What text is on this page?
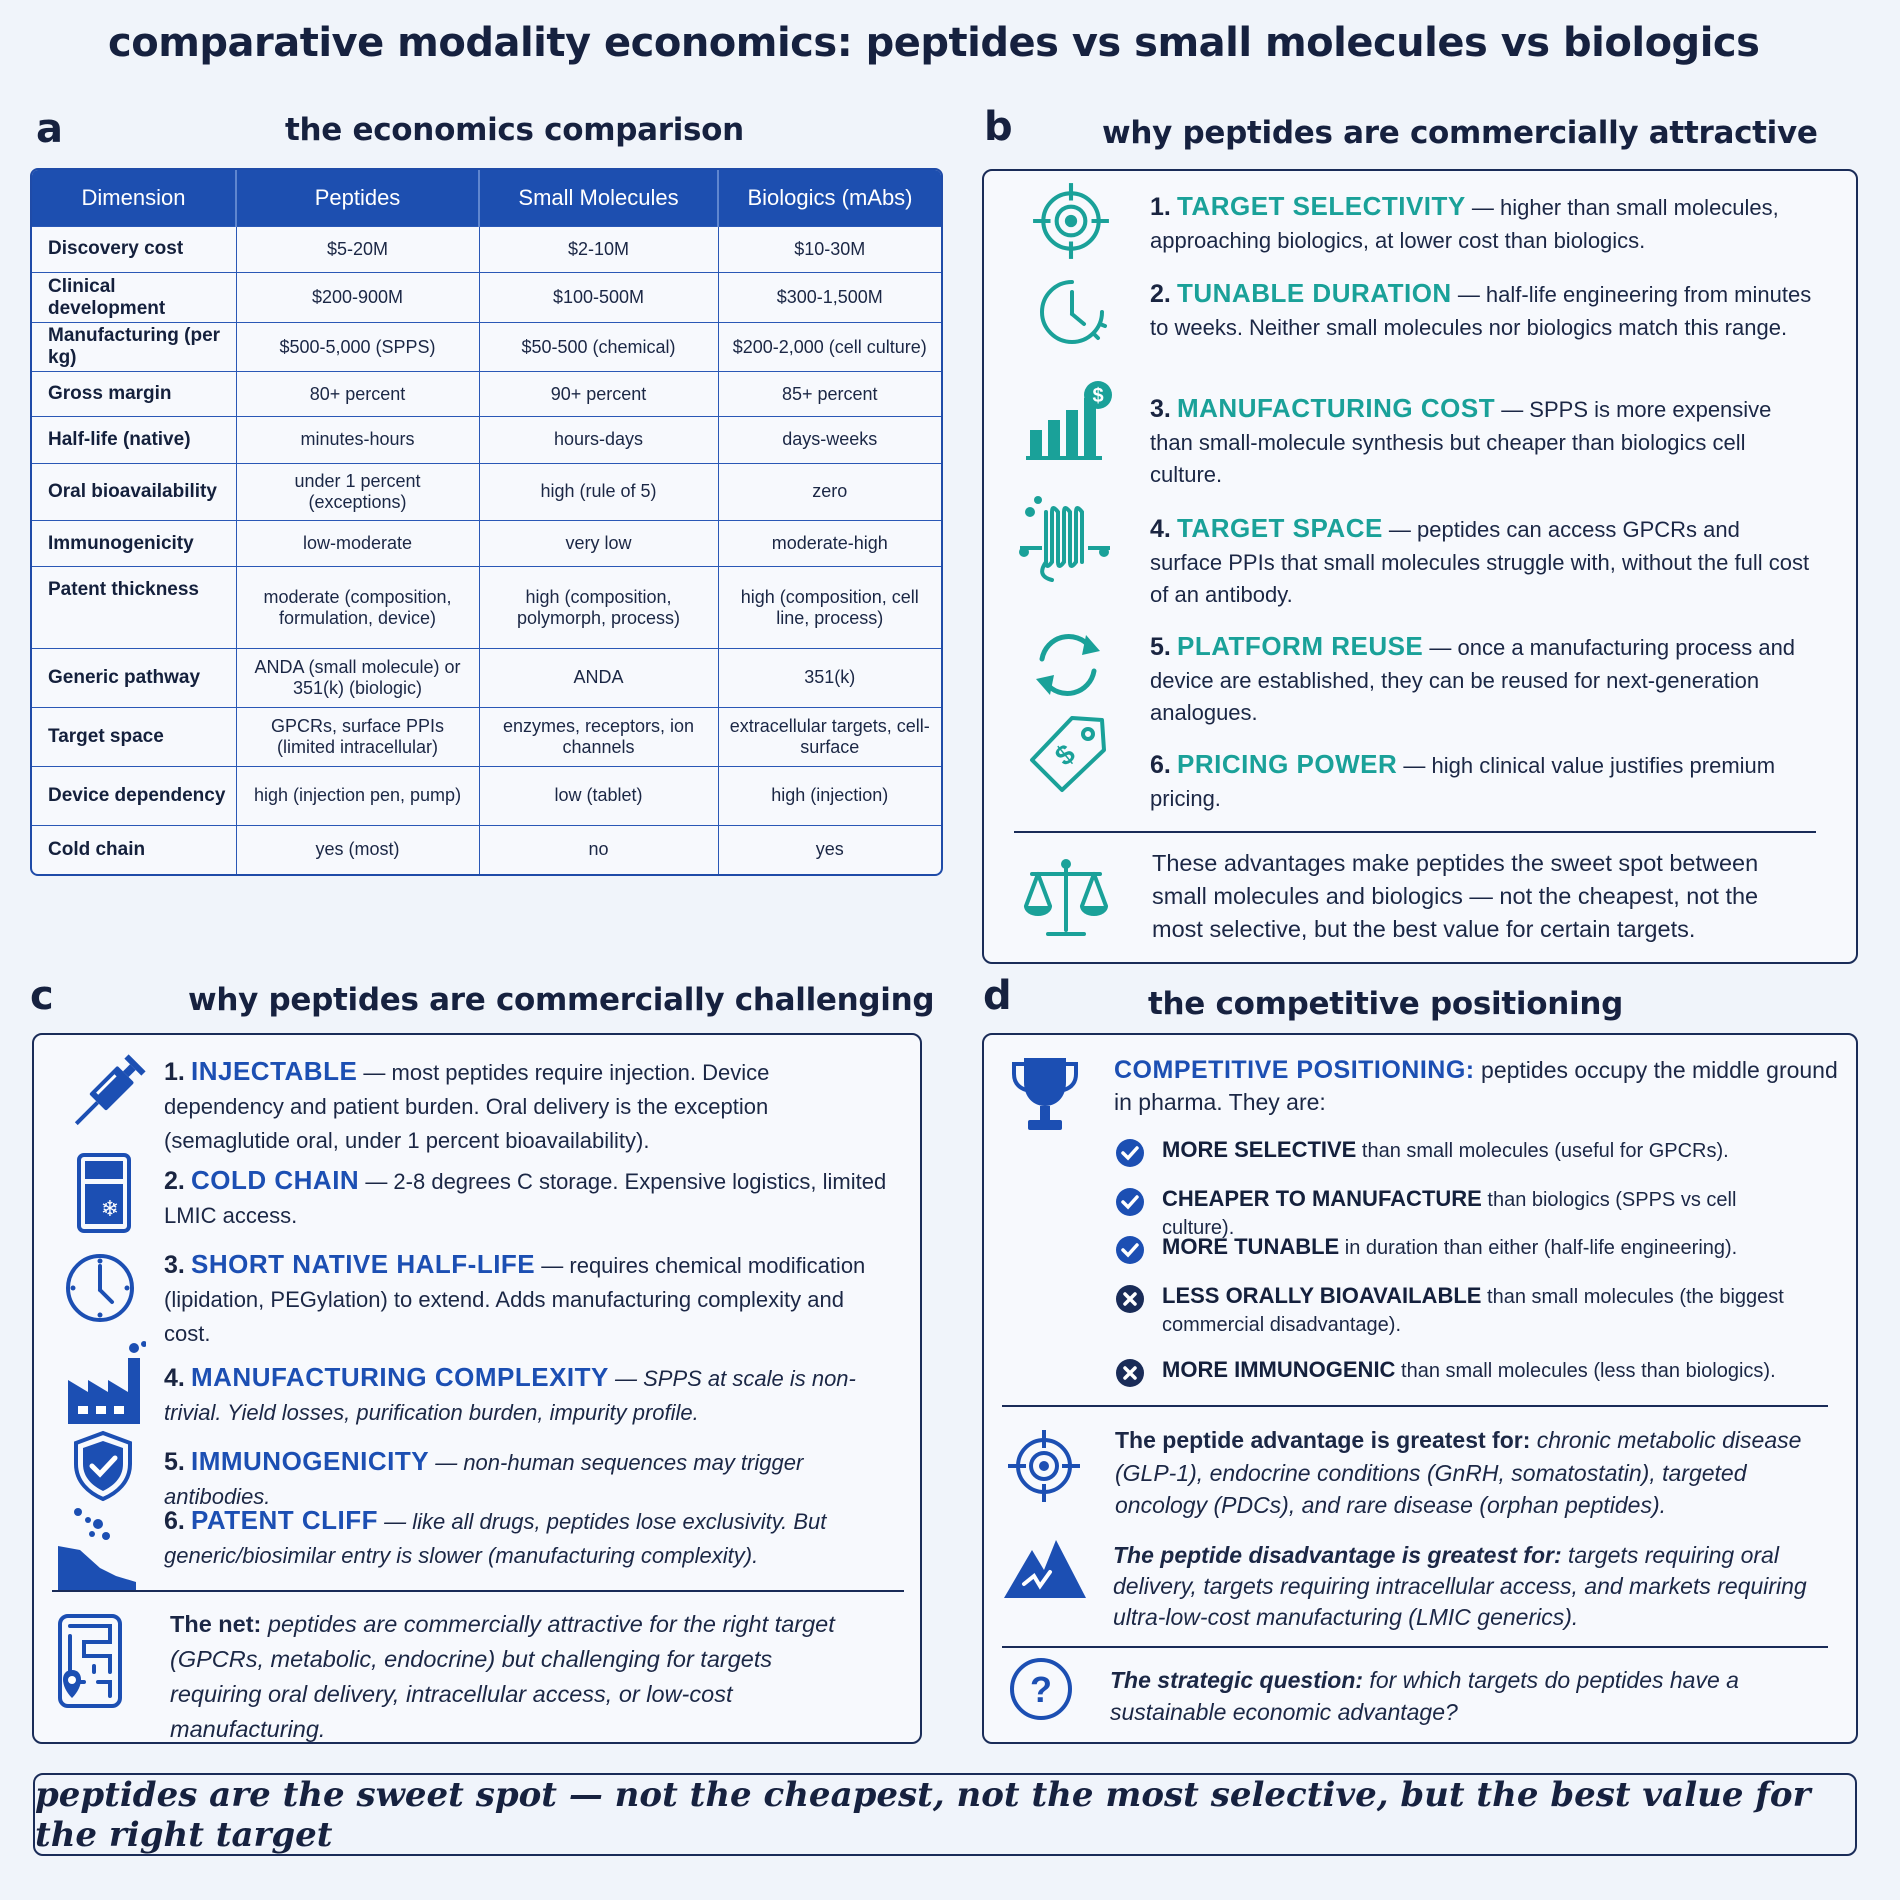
comparative modality economics: peptides vs small molecules vs biologics
a	the economics comparison
Dimension	Peptides	Small Molecules	Biologics (mAbs)
Discovery cost	$5-20M	$2-10M	$10-30M
Clinical development	$200-900M	$100-500M	$300-1,500M
Manufacturing (per kg)	$500-5,000 (SPPS)	$50-500 (chemical)	$200-2,000 (cell culture)
Gross margin	80+ percent	90+ percent	85+ percent
Half-life (native)	minutes-hours	hours-days	days-weeks
Oral bioavailability	under 1 percent (exceptions)	high (rule of 5)	zero
Immunogenicity	low-moderate	very low	moderate-high
Patent thickness	moderate (composition, formulation, device)	high (composition, polymorph, process)	high (composition, cell line, process)
Generic pathway	ANDA (small molecule) or 351(k) (biologic)	ANDA	351(k)
Target space	GPCRs, surface PPIs (limited intracellular)	enzymes, receptors, ion channels	extracellular targets, cell-surface
Device dependency	high (injection pen, pump)	low (tablet)	high (injection)
Cold chain	yes (most)	no	yes
b	why peptides are commercially attractive
$
$
1. TARGET SELECTIVITY — higher than small molecules, approaching biologics, at lower cost than biologics.
2. TUNABLE DURATION — half-life engineering from minutes to weeks. Neither small molecules nor biologics match this range.
3. MANUFACTURING COST — SPPS is more expensive than small-molecule synthesis but cheaper than biologics cell culture.
4. TARGET SPACE — peptides can access GPCRs and surface PPIs that small molecules struggle with, without the full cost of an antibody.
5. PLATFORM REUSE — once a manufacturing process and device are established, they can be reused for next-generation analogues.
6. PRICING POWER — high clinical value justifies premium pricing.
These advantages make peptides the sweet spot between small molecules and biologics — not the cheapest, not the most selective, but the best value for certain targets.
c	why peptides are commercially challenging
❄
1. INJECTABLE — most peptides require injection. Device dependency and patient burden. Oral delivery is the exception (semaglutide oral, under 1 percent bioavailability).
2. COLD CHAIN — 2-8 degrees C storage. Expensive logistics, limited LMIC access.
3. SHORT NATIVE HALF-LIFE — requires chemical modification (lipidation, PEGylation) to extend. Adds manufacturing complexity and cost.
4. MANUFACTURING COMPLEXITY — SPPS at scale is non-trivial. Yield losses, purification burden, impurity profile.
5. IMMUNOGENICITY — non-human sequences may trigger antibodies.
6. PATENT CLIFF — like all drugs, peptides lose exclusivity. But generic/biosimilar entry is slower (manufacturing complexity).
The net: peptides are commercially attractive for the right target (GPCRs, metabolic, endocrine) but challenging for targets requiring oral delivery, intracellular access, or low-cost manufacturing.
d	the competitive positioning
COMPETITIVE POSITIONING: peptides occupy the middle ground in pharma. They are:
MORE SELECTIVE than small molecules (useful for GPCRs).
CHEAPER TO MANUFACTURE than biologics (SPPS vs cell culture).
MORE TUNABLE in duration than either (half-life engineering).
LESS ORALLY BIOAVAILABLE than small molecules (the biggest commercial disadvantage).
MORE IMMUNOGENIC than small molecules (less than biologics).
The peptide advantage is greatest for: chronic metabolic disease (GLP-1), endocrine conditions (GnRH, somatostatin), targeted oncology (PDCs), and rare disease (orphan peptides).
The peptide disadvantage is greatest for: targets requiring oral delivery, targets requiring intracellular access, and markets requiring ultra-low-cost manufacturing (LMIC generics).
?	The strategic question: for which targets do peptides have a sustainable economic advantage?
peptides are the sweet spot — not the cheapest, not the most selective, but the best value for the right target
